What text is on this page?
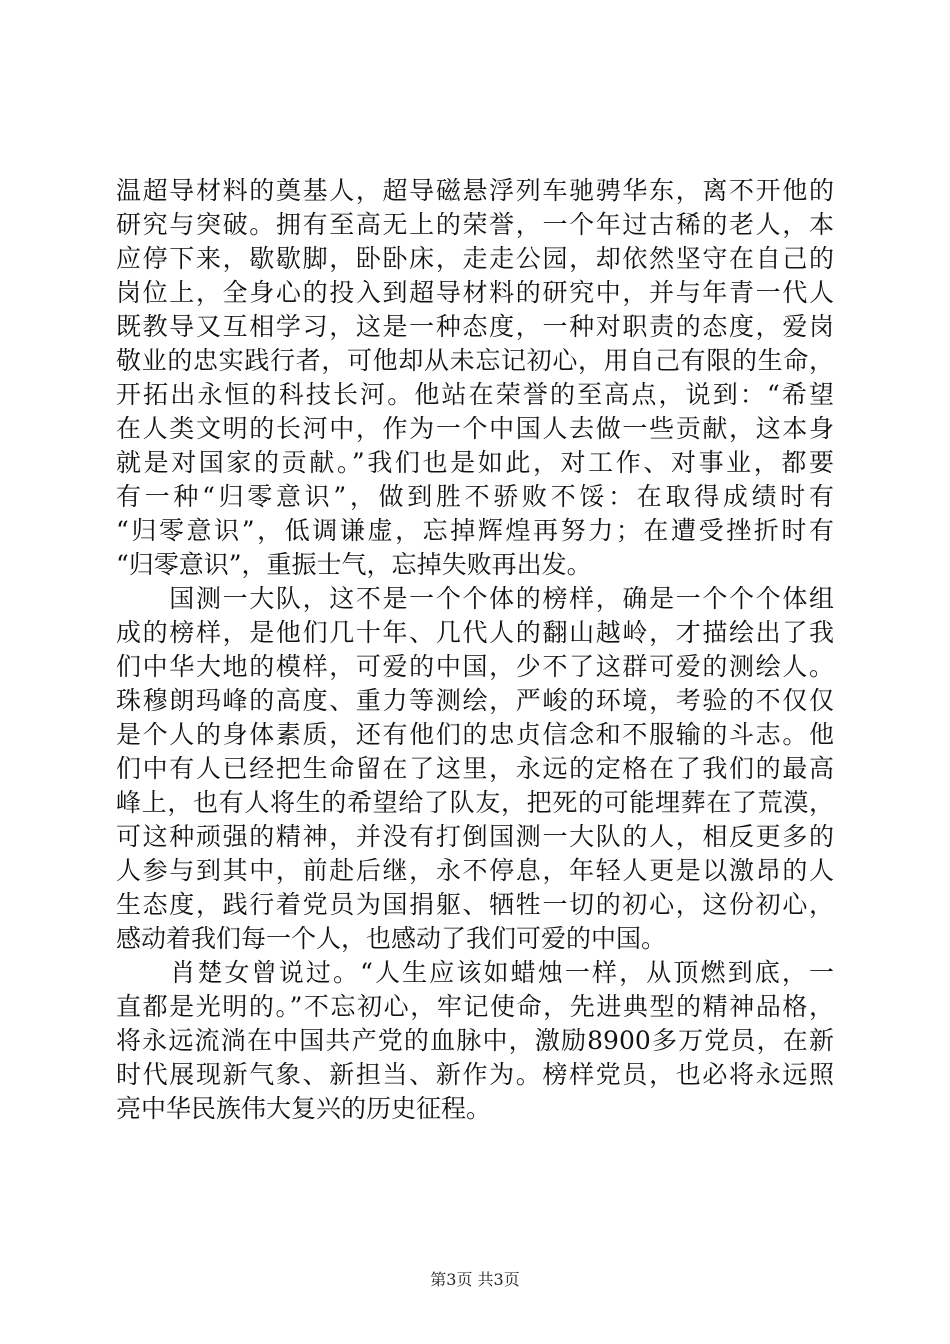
温超导材料的奠基人，超导磁悬浮列车驰骋华东，离不开他的
研究与突破。拥有至高无上的荣誉，一个年过古稀的老人，本
应停下来，歇歇脚，卧卧床，走走公园，却依然坚守在自己的
岗位上，全身心的投入到超导材料的研究中，并与年青一代人
既教导又互相学习，这是一种态度，一种对职责的态度，爱岗
敬业的忠实践行者，可他却从未忘记初心，用自己有限的生命，
开拓出永恒的科技长河。他站在荣誉的至高点，说到：“希望
在人类文明的长河中，作为一个中国人去做一些贡献，这本身
就是对国家的贡献。”我们也是如此，对工作、对事业，都要
有一种“归零意识”，做到胜不骄败不馁：在取得成绩时有
“归零意识”，低调谦虚，忘掉辉煌再努力；在遭受挫折时有
“归零意识”，重振士气，忘掉失败再出发。
　　国测一大队，这不是一个个体的榜样，确是一个个个体组
成的榜样，是他们几十年、几代人的翻山越岭，才描绘出了我
们中华大地的模样，可爱的中国，少不了这群可爱的测绘人。
珠穆朗玛峰的高度、重力等测绘，严峻的环境，考验的不仅仅
是个人的身体素质，还有他们的忠贞信念和不服输的斗志。他
们中有人已经把生命留在了这里，永远的定格在了我们的最高
峰上，也有人将生的希望给了队友，把死的可能埋葬在了荒漠，
可这种顽强的精神，并没有打倒国测一大队的人，相反更多的
人参与到其中，前赴后继，永不停息，年轻人更是以激昂的人
生态度，践行着党员为国捐躯、牺牲一切的初心，这份初心，
感动着我们每一个人，也感动了我们可爱的中国。
　　肖楚女曾说过。“人生应该如蜡烛一样，从顶燃到底，一
直都是光明的。”不忘初心，牢记使命，先进典型的精神品格，
将永远流淌在中国共产党的血脉中，激励8900多万党员，在新
时代展现新气象、新担当、新作为。榜样党员，也必将永远照
亮中华民族伟大复兴的历史征程。
第3页 共3页
